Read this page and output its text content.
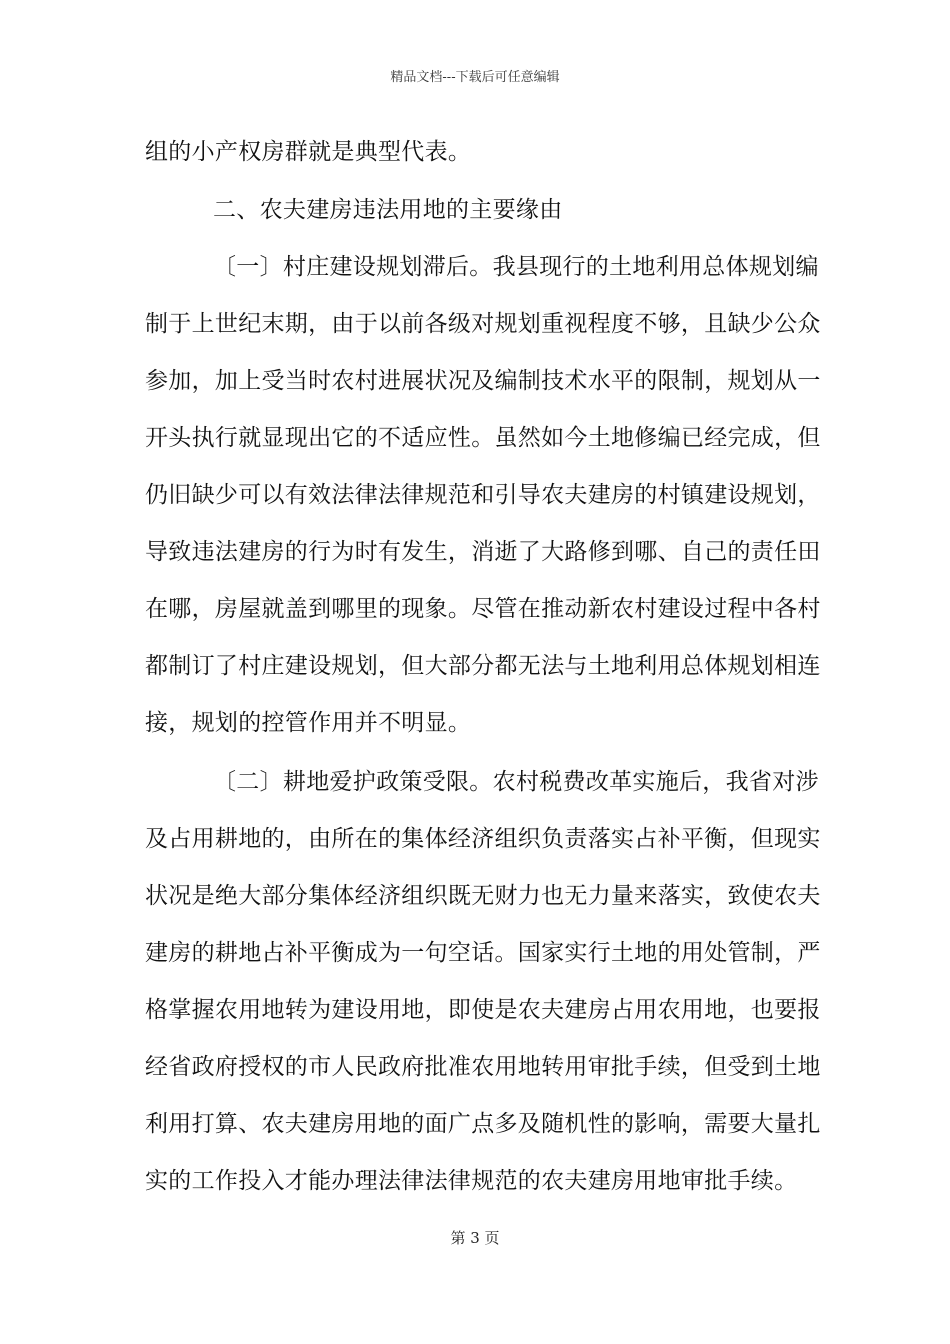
精品文档---下载后可任意编辑
组的小产权房群就是典型代表。
二、农夫建房违法用地的主要缘由
〔一〕村庄建设规划滞后。我县现行的土地利用总体规划编
制于上世纪末期，由于以前各级对规划重视程度不够，且缺少公众
参加，加上受当时农村进展状况及编制技术水平的限制，规划从一
开头执行就显现出它的不适应性。虽然如今土地修编已经完成，但
仍旧缺少可以有效法律法律规范和引导农夫建房的村镇建设规划，
导致违法建房的行为时有发生，消逝了大路修到哪、自己的责任田
在哪，房屋就盖到哪里的现象。尽管在推动新农村建设过程中各村
都制订了村庄建设规划，但大部分都无法与土地利用总体规划相连
接，规划的控管作用并不明显。
〔二〕耕地爱护政策受限。农村税费改革实施后，我省对涉
及占用耕地的，由所在的集体经济组织负责落实占补平衡，但现实
状况是绝大部分集体经济组织既无财力也无力量来落实，致使农夫
建房的耕地占补平衡成为一句空话。国家实行土地的用处管制，严
格掌握农用地转为建设用地，即使是农夫建房占用农用地，也要报
经省政府授权的市人民政府批准农用地转用审批手续，但受到土地
利用打算、农夫建房用地的面广点多及随机性的影响，需要大量扎
实的工作投入才能办理法律法律规范的农夫建房用地审批手续。
第 3 页
